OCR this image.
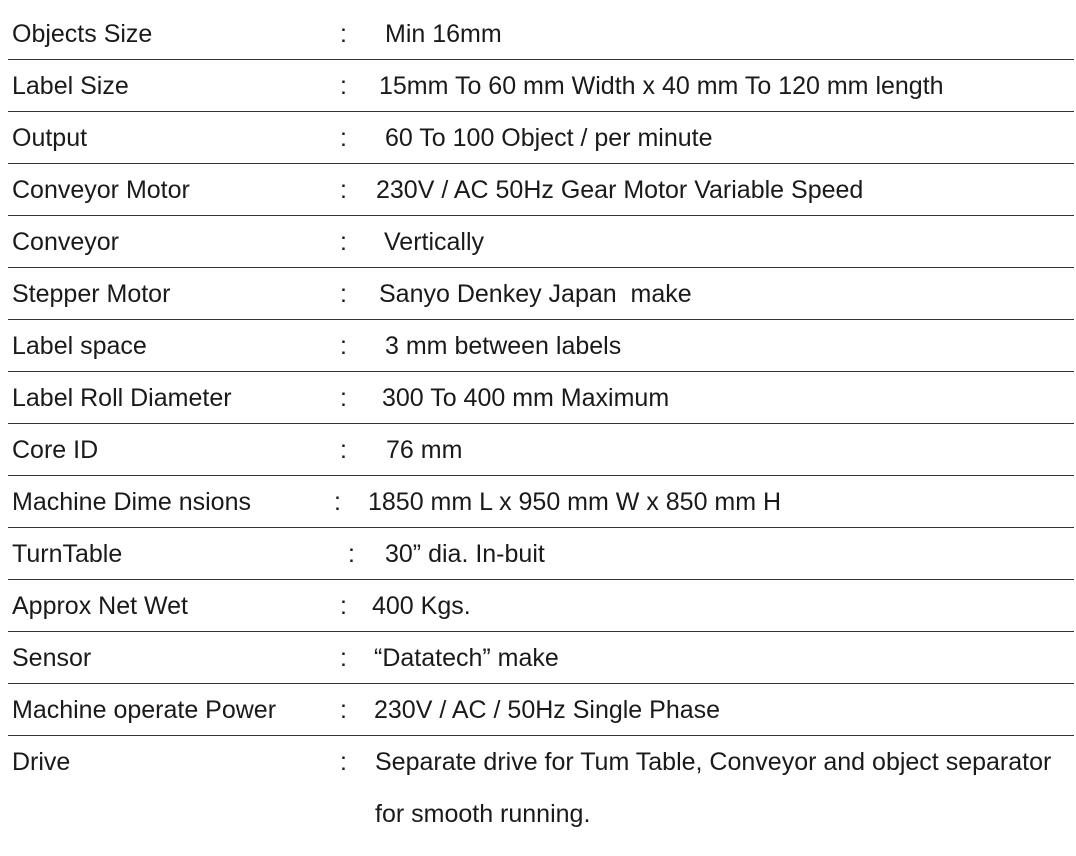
Objects Size	: Min 16mm
Label Size	: 15mm To 60 mm Width x 40 mm To 120 mm length
Output	: 60 To 100 Object / per minute
Conveyor Motor	: 230V / AC 50Hz Gear Motor Variable Speed
Conveyor	: Vertically
Stepper Motor	: Sanyo Denkey Japan  make
Label space	: 3 mm between labels
Label Roll Diameter	: 300 To 400 mm Maximum
Core ID	: 76 mm
Machine Dime nsions	: 1850 mm L x 950 mm W x 850 mm H
TurnTable	: 30” dia. In-buit
Approx Net Wet	: 400 Kgs.
Sensor	: “Datatech” make
Machine operate Power	: 230V / AC / 50Hz Single Phase
Drive	: Separate drive for Tum Table, Conveyor and object separator for smooth running.
